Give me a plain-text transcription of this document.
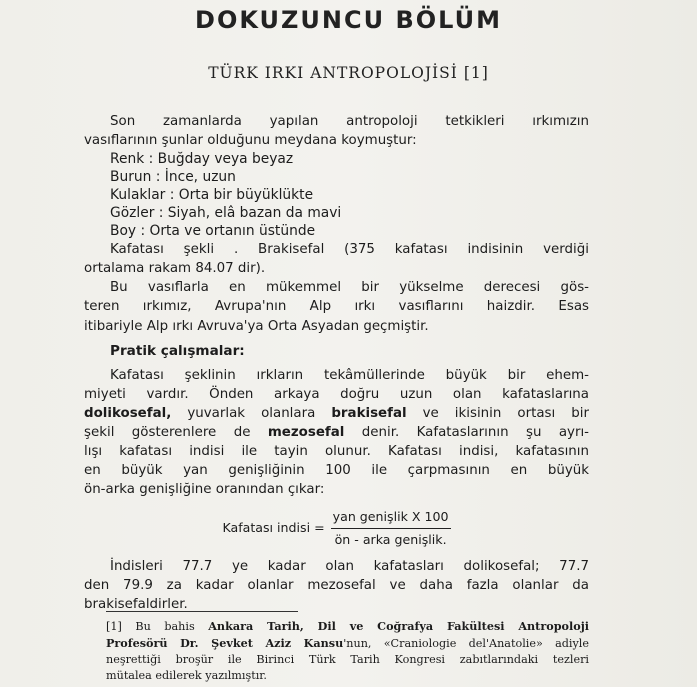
DOKUZUNCU BÖLÜM
TÜRK IRKI ANTROPOLOJİSİ [1]

Son zamanlarda yapılan antropoloji tetkikleri ırkımızın

vasıflarının şunlar olduğunu meydana koymuştur:

Renk : Buğday veya beyaz
Burun : İnce, uzun
Kulaklar : Orta bir büyüklükte
Gözler : Siyah, elâ bazan da mavi
Boy : Orta ve ortanın üstünde

Kafatası şekli . Brakisefal (375 kafatası indisinin verdiği

ortalama rakam 84.07 dir).

Bu vasıflarla en mükemmel bir yükselme derecesi gös-

teren ırkımız, Avrupa'nın Alp ırkı vasıflarını haizdir. Esas

itibariyle Alp ırkı Avruva'ya Orta Asyadan geçmiştir.

Pratik çalışmalar:

Kafatası şeklinin ırkların tekâmüllerinde büyük bir ehem-

miyeti vardır. Önden arkaya doğru uzun olan kafataslarına

dolikosefal, yuvarlak olanlara brakisefal ve ikisinin ortası bir

şekil gösterenlere de mezosefal denir. Kafataslarının şu ayrı-

lışı kafatası indisi ile tayin olunur. Kafatası indisi, kafatasının

en büyük yan genişliğinin 100 ile çarpmasının en büyük

ön-arka genişliğine oranından çıkar:

Kafatası indisi = $\frac{\text{yan genişlik X 100}}{\text{ön - arka genişlik.}}$

İndisleri 77.7 ye kadar olan kafatasları dolikosefal; 77.7

den 79.9 za kadar olanlar mezosefal ve daha fazla olanlar da

brakisefaldirler.

[1] Bu bahis Ankara Tarih, Dil ve Coğrafya Fakültesi Antropoloji

Profesörü Dr. Şevket Aziz Kansu'nun, «Craniologie del'Anatolie» adiyle

neşrettiği broşür ile Birinci Türk Tarih Kongresi zabıtlarındaki tezleri

mütalea edilerek yazılmıştır.
